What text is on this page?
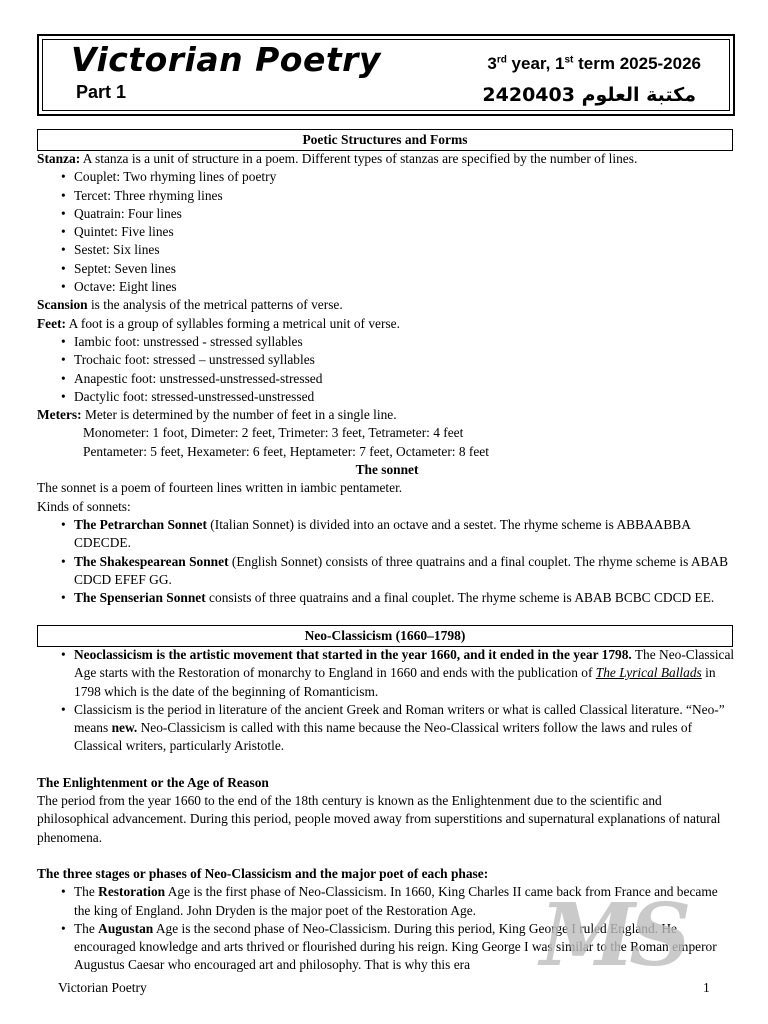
Victorian Poetry
Part 1
3rd year, 1st term 2025-2026
مكتبة العلوم 2420403
Poetic Structures and Forms

Stanza: A stanza is a unit of structure in a poem. Different types of stanzas are specified by the number of lines.

• Couplet: Two rhyming lines of poetry
• Tercet: Three rhyming lines
• Quatrain: Four lines
• Quintet: Five lines
• Sestet: Six lines
• Septet: Seven lines
• Octave: Eight lines

Scansion is the analysis of the metrical patterns of verse.

Feet: A foot is a group of syllables forming a metrical unit of verse.

• Iambic foot: unstressed - stressed syllables
• Trochaic foot: stressed – unstressed syllables
• Anapestic foot: unstressed-unstressed-stressed
• Dactylic foot: stressed-unstressed-unstressed

Meters: Meter is determined by the number of feet in a single line.

Monometer: 1 foot, Dimeter: 2 feet, Trimeter: 3 feet, Tetrameter: 4 feet

Pentameter: 5 feet, Hexameter: 6 feet, Heptameter: 7 feet, Octameter: 8 feet

The sonnet

The sonnet is a poem of fourteen lines written in iambic pentameter.

Kinds of sonnets:

• The Petrarchan Sonnet (Italian Sonnet) is divided into an octave and a sestet. The rhyme scheme is ABBAABBA CDECDE.
• The Shakespearean Sonnet (English Sonnet) consists of three quatrains and a final couplet. The rhyme scheme is ABAB CDCD EFEF GG.
• The Spenserian Sonnet consists of three quatrains and a final couplet. The rhyme scheme is ABAB BCBC CDCD EE.
Neo-Classicism (1660–1798)
• Neoclassicism is the artistic movement that started in the year 1660, and it ended in the year 1798. The Neo-Classical Age starts with the Restoration of monarchy to England in 1660 and ends with the publication of The Lyrical Ballads in 1798 which is the date of the beginning of Romanticism.
• Classicism is the period in literature of the ancient Greek and Roman writers or what is called Classical literature. “Neo-” means new. Neo-Classicism is called with this name because the Neo-Classical writers follow the laws and rules of Classical writers, particularly Aristotle.

The Enlightenment or the Age of Reason

The period from the year 1660 to the end of the 18th century is known as the Enlightenment due to the scientific and philosophical advancement. During this period, people moved away from superstitions and supernatural explanations of natural phenomena.

The three stages or phases of Neo-Classicism and the major poet of each phase:

• The Restoration Age is the first phase of Neo-Classicism. In 1660, King Charles II came back from France and became the king of England. John Dryden is the major poet of the Restoration Age.
• The Augustan Age is the second phase of Neo-Classicism. During this period, King George I ruled England. He encouraged knowledge and arts thrived or flourished during his reign. King George I was similar to the Roman emperor Augustus Caesar who encouraged art and philosophy. That is why this era MS
Victorian Poetry	1
